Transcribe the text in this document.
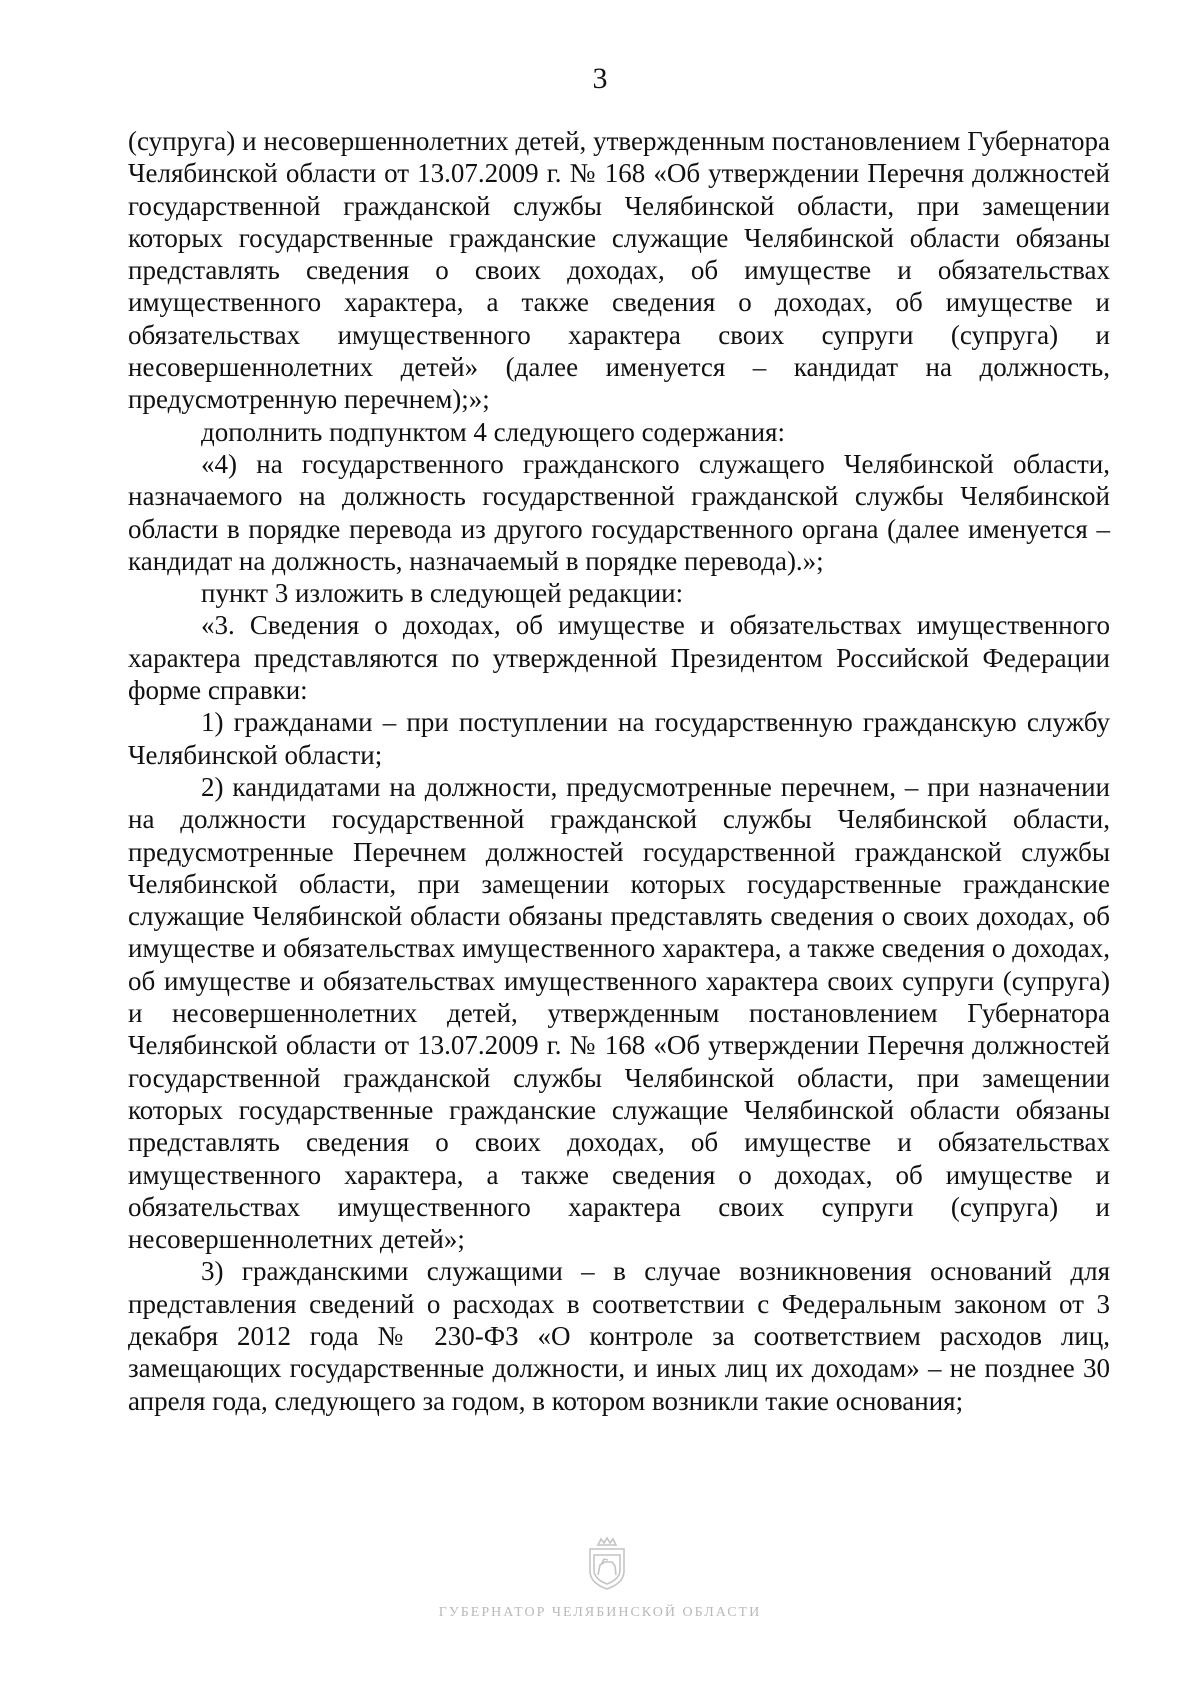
3

(супруга) и несовершеннолетних детей, утвержденным постановлением Губернатора Челябинской области от 13.07.2009 г. № 168 «Об утверждении Перечня должностей государственной гражданской службы Челябинской области, при замещении которых государственные гражданские служащие Челябинской области обязаны представлять сведения о своих доходах, об имуществе и обязательствах имущественного характера, а также сведения о доходах, об имуществе и обязательствах имущественного характера своих супруги (супруга) и несовершеннолетних детей» (далее именуется – кандидат на должность, предусмотренную перечнем);»;

дополнить подпунктом 4 следующего содержания:

«4) на государственного гражданского служащего Челябинской области, назначаемого на должность государственной гражданской службы Челябинской области в порядке перевода из другого государственного органа (далее именуется – кандидат на должность, назначаемый в порядке перевода).»;

пункт 3 изложить в следующей редакции:

«3. Сведения о доходах, об имуществе и обязательствах имущественного характера представляются по утвержденной Президентом Российской Федерации форме справки:

1) гражданами – при поступлении на государственную гражданскую службу Челябинской области;

2) кандидатами на должности, предусмотренные перечнем, – при назначении на должности государственной гражданской службы Челябинской области, предусмотренные Перечнем должностей государственной гражданской службы Челябинской области, при замещении которых государственные гражданские служащие Челябинской области обязаны представлять сведения о своих доходах, об имуществе и обязательствах имущественного характера, а также сведения о доходах, об имуществе и обязательствах имущественного характера своих супруги (супруга) и несовершеннолетних детей, утвержденным постановлением Губернатора Челябинской области от 13.07.2009 г. № 168 «Об утверждении Перечня должностей государственной гражданской службы Челябинской области, при замещении которых государственные гражданские служащие Челябинской области обязаны представлять сведения о своих доходах, об имуществе и обязательствах имущественного характера, а также сведения о доходах, об имуществе и обязательствах имущественного характера своих супруги (супруга) и несовершеннолетних детей»;

3) гражданскими служащими – в случае возникновения оснований для представления сведений о расходах в соответствии с Федеральным законом от 3 декабря 2012 года № 230-ФЗ «О контроле за соответствием расходов лиц, замещающих государственные должности, и иных лиц их доходам» – не позднее 30 апреля года, следующего за годом, в котором возникли такие основания;

ГУБЕРНАТОР ЧЕЛЯБИНСКОЙ ОБЛАСТИ
